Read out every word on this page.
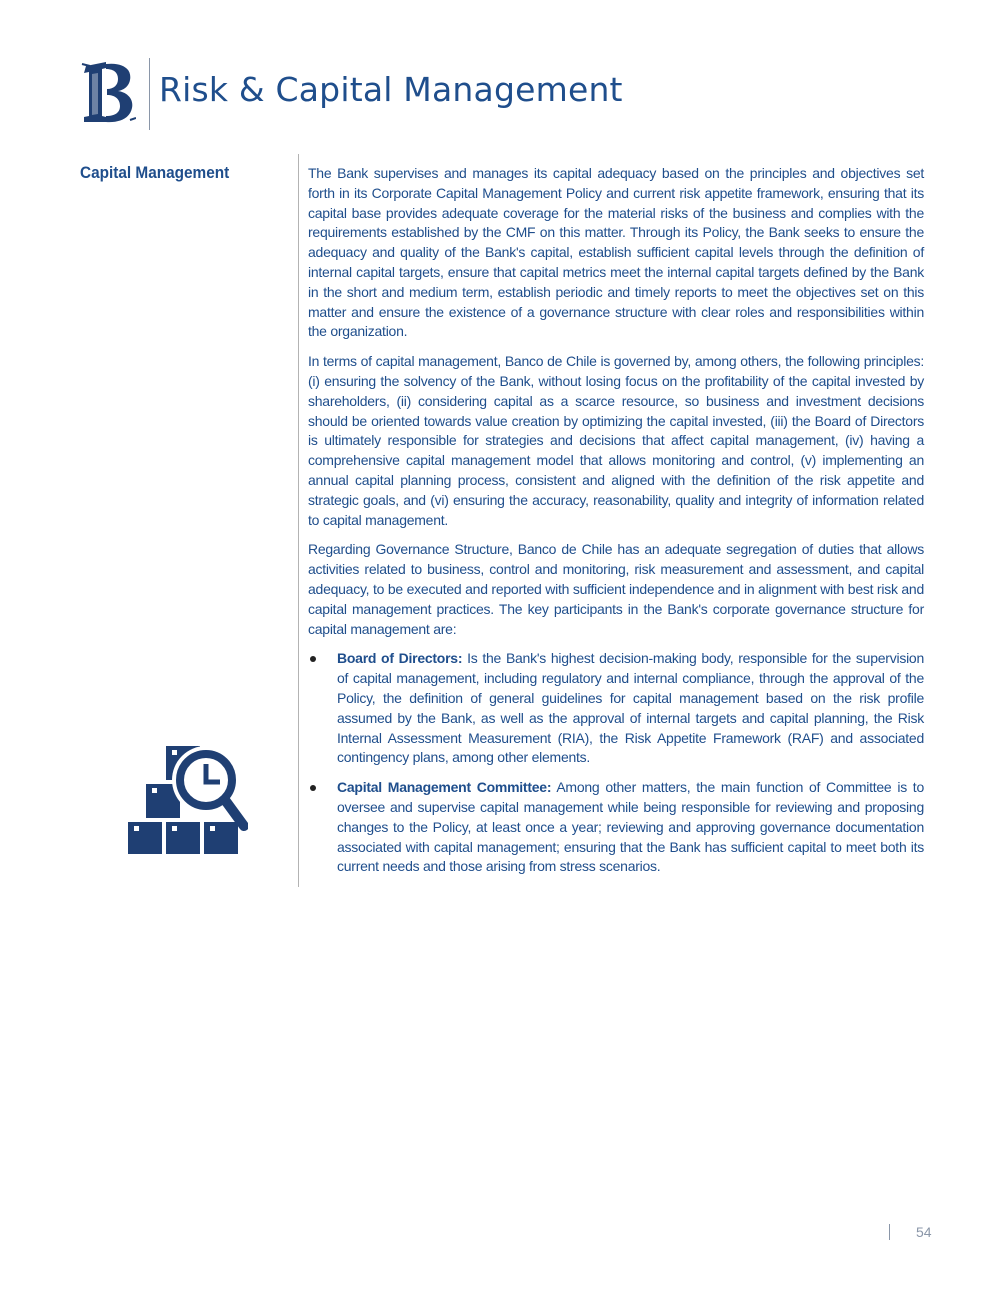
Risk & Capital Management
Capital Management	The Bank supervises and manages its capital adequacy based on the principles and objectives set forth in its Corporate Capital Management Policy and current risk appetite framework, ensuring that its capital base provides adequate coverage for the material risks of the business and complies with the requirements established by the CMF on this matter. Through its Policy, the Bank seeks to ensure the adequacy and quality of the Bank's capital, establish sufficient capital levels through the definition of internal capital targets, ensure that capital metrics meet the internal capital targets defined by the Bank in the short and medium term, establish periodic and timely reports to meet the objectives set on this matter and ensure the existence of a governance structure with clear roles and responsibilities within the organization.

In terms of capital management, Banco de Chile is governed by, among others, the following principles: (i) ensuring the solvency of the Bank, without losing focus on the profitability of the capital invested by shareholders, (ii) considering capital as a scarce resource, so business and investment decisions should be oriented towards value creation by optimizing the capital invested, (iii) the Board of Directors is ultimately responsible for strategies and decisions that affect capital management, (iv) having a comprehensive capital management model that allows monitoring and control, (v) implementing an annual capital planning process, consistent and aligned with the definition of the risk appetite and strategic goals, and (vi) ensuring the accuracy, reasonability, quality and integrity of information related to capital management.

Regarding Governance Structure, Banco de Chile has an adequate segregation of duties that allows activities related to business, control and monitoring, risk measurement and assessment, and capital adequacy, to be executed and reported with sufficient independence and in alignment with best risk and capital management practices. The key participants in the Bank's corporate governance structure for capital management are:

Board of Directors: Is the Bank's highest decision-making body, responsible for the supervision of capital management, including regulatory and internal compliance, through the approval of the Policy, the definition of general guidelines for capital management based on the risk profile assumed by the Bank, as well as the approval of internal targets and capital planning, the Risk Internal Assessment Measurement (RIA), the Risk Appetite Framework (RAF) and associated contingency plans, among other elements.
Capital Management Committee: Among other matters, the main function of Committee is to oversee and supervise capital management while being responsible for reviewing and proposing changes to the Policy, at least once a year; reviewing and approving governance documentation associated with capital management; ensuring that the Bank has sufficient capital to meet both its current needs and those arising from stress scenarios.
54
